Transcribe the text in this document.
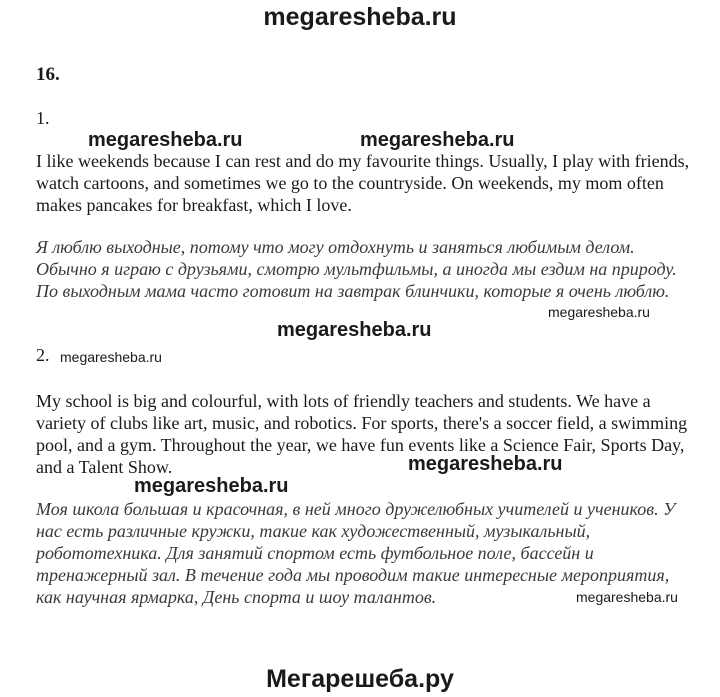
megaresheba.ru
16.
1.
megaresheba.ru	megaresheba.ru

I like weekends because I can rest and do my favourite things. Usually, I play with friends, watch cartoons, and sometimes we go to the countryside. On weekends, my mom often makes pancakes for breakfast, which I love.

Я люблю выходные, потому что могу отдохнуть и заняться любимым делом. Обычно я играю с друзьями, смотрю мультфильмы, а иногда мы ездим на природу. По выходным мама часто готовит на завтрак блинчики, которые я очень люблю.

megaresheba.ru
megaresheba.ru
2. megaresheba.ru

My school is big and colourful, with lots of friendly teachers and students. We have a variety of clubs like art, music, and robotics. For sports, there's a soccer field, a swimming pool, and a gym. Throughout the year, we have fun events like a Science Fair, Sports Day, and a Talent Show.	megaresheba.ru
megaresheba.ru

Моя школа большая и красочная, в ней много дружелюбных учителей и учеников. У нас есть различные кружки, такие как художественный, музыкальный, робототехника. Для занятий спортом есть футбольное поле, бассейн и тренажерный зал. В течение года мы проводим такие интересные мероприятия, как научная ярмарка, День спорта и шоу талантов.	megaresheba.ru
Мегарешеба.ру
